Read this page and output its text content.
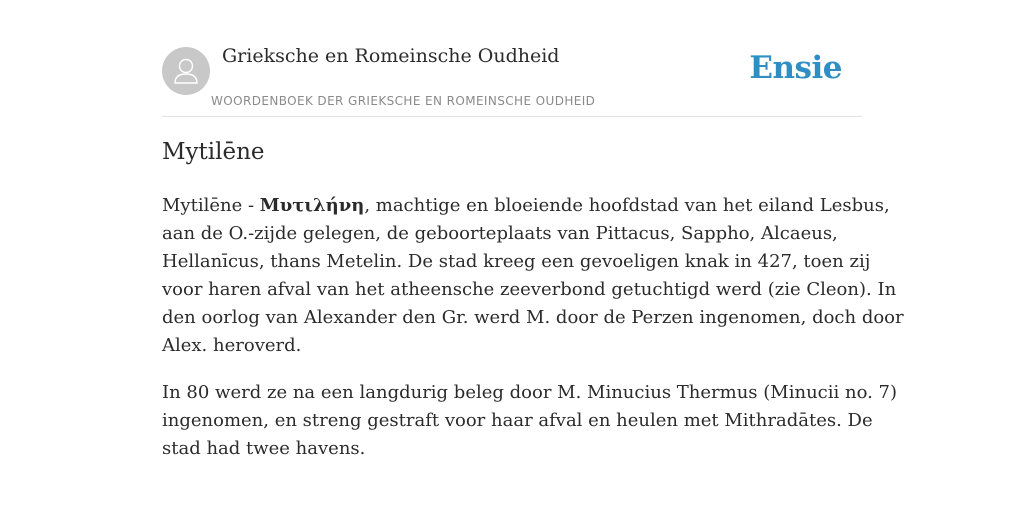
Grieksche en Romeinsche Oudheid
WOORDENBOEK DER GRIEKSCHE EN ROMEINSCHE OUDHEID
Ensie
Mytilēne

Mytilēne - Μυτιλήνη, machtige en bloeiende hoofdstad van het eiland Lesbus,
aan de O.-zijde gelegen, de geboorteplaats van Pittacus, Sappho, Alcaeus,
Hellanīcus, thans Metelin. De stad kreeg een gevoeligen knak in 427, toen zij
voor haren afval van het atheensche zeeverbond getuchtigd werd (zie Cleon). In
den oorlog van Alexander den Gr. werd M. door de Perzen ingenomen, doch door
Alex. heroverd.

In 80 werd ze na een langdurig beleg door M. Minucius Thermus (Minucii no. 7)
ingenomen, en streng gestraft voor haar afval en heulen met Mithradātes. De
stad had twee havens.
